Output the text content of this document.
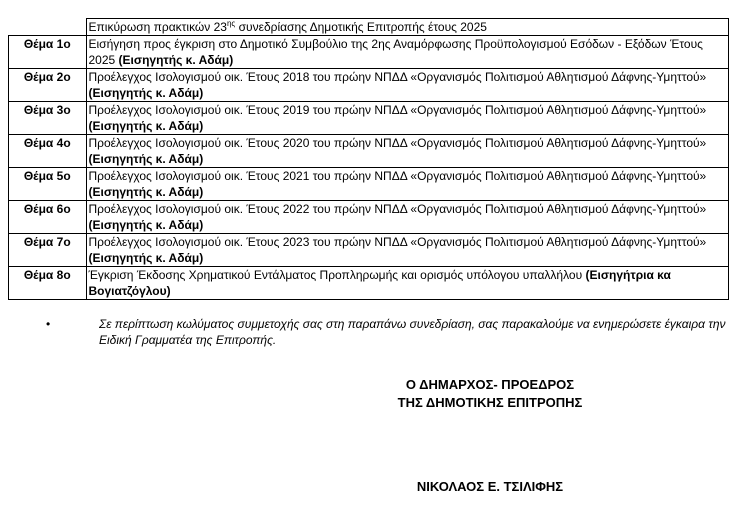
	Επικύρωση πρακτικών $23^{\eta\varsigma}$ συνεδρίασης Δημοτικής Επιτροπής έτους 2025
Θέμα 1ο	Εισήγηση προς έγκριση στο Δημοτικό Συμβούλιο της 2ης Αναμόρφωσης Προϋπολογισμού Εσόδων - Εξόδων Έτους 2025 (Εισηγητής κ. Αδάμ)
Θέμα 2ο	Προέλεγχος Ισολογισμού οικ. Έτους 2018 του πρώην ΝΠΔΔ «Οργανισμός Πολιτισμού Αθλητισμού Δάφνης-Υμηττού» (Εισηγητής κ. Αδάμ)
Θέμα 3ο	Προέλεγχος Ισολογισμού οικ. Έτους 2019 του πρώην ΝΠΔΔ «Οργανισμός Πολιτισμού Αθλητισμού Δάφνης-Υμηττού» (Εισηγητής κ. Αδάμ)
Θέμα 4ο	Προέλεγχος Ισολογισμού οικ. Έτους 2020 του πρώην ΝΠΔΔ «Οργανισμός Πολιτισμού Αθλητισμού Δάφνης-Υμηττού» (Εισηγητής κ. Αδάμ)
Θέμα 5ο	Προέλεγχος Ισολογισμού οικ. Έτους 2021 του πρώην ΝΠΔΔ «Οργανισμός Πολιτισμού Αθλητισμού Δάφνης-Υμηττού» (Εισηγητής κ. Αδάμ)
Θέμα 6ο	Προέλεγχος Ισολογισμού οικ. Έτους 2022 του πρώην ΝΠΔΔ «Οργανισμός Πολιτισμού Αθλητισμού Δάφνης-Υμηττού» (Εισηγητής κ. Αδάμ)
Θέμα 7ο	Προέλεγχος Ισολογισμού οικ. Έτους 2023 του πρώην ΝΠΔΔ «Οργανισμός Πολιτισμού Αθλητισμού Δάφνης-Υμηττού» (Εισηγητής κ. Αδάμ)
Θέμα 8ο	Έγκριση Έκδοσης Χρηματικού Εντάλματος Προπληρωμής και ορισμός υπόλογου υπαλλήλου (Εισηγήτρια κα Βογιατζόγλου)
•	Σε περίπτωση κωλύματος συμμετοχής σας στη παραπάνω συνεδρίαση, σας παρακαλούμε να ενημερώσετε έγκαιρα την Ειδική Γραμματέα της Επιτροπής.
Ο ΔΗΜΑΡΧΟΣ- ΠΡΟΕΔΡΟΣ
ΤΗΣ ΔΗΜΟΤΙΚΗΣ ΕΠΙΤΡΟΠΗΣ
ΝΙΚΟΛΑΟΣ Ε. ΤΣΙΛΙΦΗΣ
